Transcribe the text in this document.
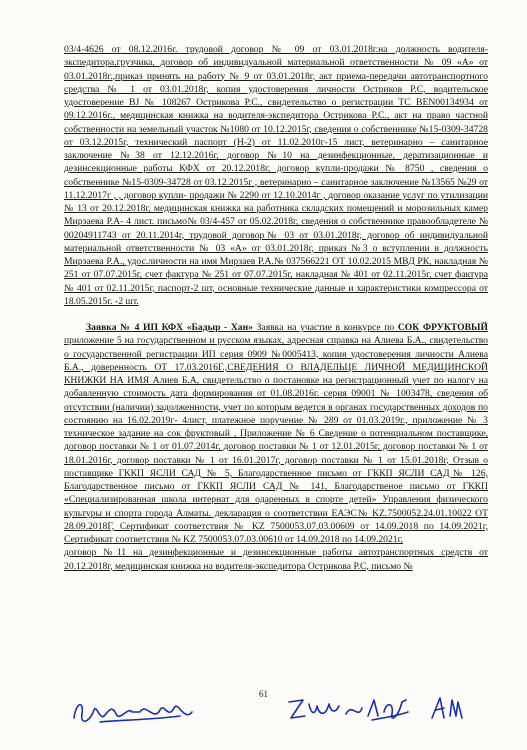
03/4-4626 от 08.12.2016г. трудовой договор № 09 от 03.01.2018г.на должность водителя-экспедитора,грузчика, договор об индивидуальной материальной ответственности № 09 «А» от 03.01.2018г.,приказ принять на работу № 9 от 03.01.2018г, акт приема-передачи автотранспортного средства № 1 от 03.01.2018г, копия удостоверения личности Остриков Р.С, водительское удостоверение BJ № 108267 Острикова Р.С., свидетельство о регистрации ТС BEN00134934 от 09.12.2016г., медицинская книжка на водителя-экспедитора Острикова Р.С., акт на право частной собственности на земельный участок №1080 от 10.12.2015г, сведения о собственнике №15-0309-34728 от 03.12.2015г, технический паспорт (Н-2) от 11.02.2010г-15 лист, ветеринарно – санитарное заключение №38 от 12.12.2016г, договор №10 на дезинфекционные, дератизационные и дезинсекционные работы КФХ от 20.12.2018г, договор купли-продажи № 8750 , сведения о собственнике №15-0309-34728 от 03.12.2015г , ветеринарно – санитарное заключение №13565 №29 от 11.12.2017г , , договор купли- продажи № 2290 от 12.10.2014г , договор оказание услуг по утилизации № 13 от 20.12.2018г, медицинская книжка на работника складских помещений и морозильных камер Мирзаева Р.А- 4 лист. письмо№ 03/4-457 от 05.02.2018г, сведения о собственнике правообладетеле № 0020491174З от 20.11.2014г, трудовой договор№ 03 от 03.01.2018г, договор об индивидуальной материальной ответственности № 03 «А» от 03.01.2018г, приказ №3 о вступлении в должность Мирзаева Р.А., удос.личности на имя Мирзаев Р.А.№ 037566221 ОТ 10.02.2015 МВД РК, накладная № 251 от 07.07.2015г, счет фактура № 251 от 07.07.2015г, накладная № 401 от 02.11.2015г, счет фактура № 401 от 02.11.2015г, паспорт-2 шт, основные технические данные и характеристики компрессора от 18.05.2015г. -2 шт.

Заявка № 4 ИП КФХ «Бадыр - Хан» Заявка на участие в конкурсе по СОК ФРУКТОВЫЙ приложение 5 на государственном и русском языках, адресная справка на Алиева Б.А., свидетельство о государственной регистрации ИП серия 0909 №0005413, копия удостоверения личности Алиева Б.А., доверенность ОТ 17.03.2016Г.,СВЕДЕНИЯ О ВЛАДЕЛЬЦЕ ЛИЧНОЙ МЕДИЦИНСКОЙ КНИЖКИ НА ИМЯ Алиев Б.А, свидетельство о постановке на регистрационный учет по налогу на добавленную стоимость дата формирования от 01.08.2016г. серия 09001 № 1003478, сведения об отсутствии (наличии) задолженности, учет по которым ведется в органах государственных доходов по состоянию на 16.02.2019г- 4лист, платежное поручение № 289 от 01.03.2019г., приложение № 3 техническое задание на сок фруктовый , Приложение № 6 Сведение о потенциальном поставщике, договор поставки № 1 от 01.07.2014г, договор поставки № 1 от 12.01.2015г, договор поставки № 1 от 18.01.2016г, договор поставки № 1 от 16.01.2017г, договор поставки № 1 от 15.01.2018г, Отзыв о поставщике ГККП ЯСЛИ САД № 5, Благодарственное письмо от ГККП ЯСЛИ САД№ 126, Благодарственное письмо от ГККП ЯСЛИ САД № 141, Благодарственое письмо от ГККП «Специализированная школа интернат для одаренных в спорте детей» Управления физического культуры и спорта города Алматы. декларация о соответствии ЕАЭС№ KZ.7500052.24.01.10022 ОТ 28.09.2018Г, Сертификат соответствия № KZ 7500053.07.03.00609 от 14.09.2018 по 14.09.2021г, Сертификат соответствия № KZ 7500053.07.03.00610 от 14.09.2018 по 14.09.2021г,

договор №11 на дезинфекционные и дезинсекционные работы автотранспортных средств от 20.12.2018г, медицинская книжка на водителя-экспедитора Острикова Р.С, письмо №

61
